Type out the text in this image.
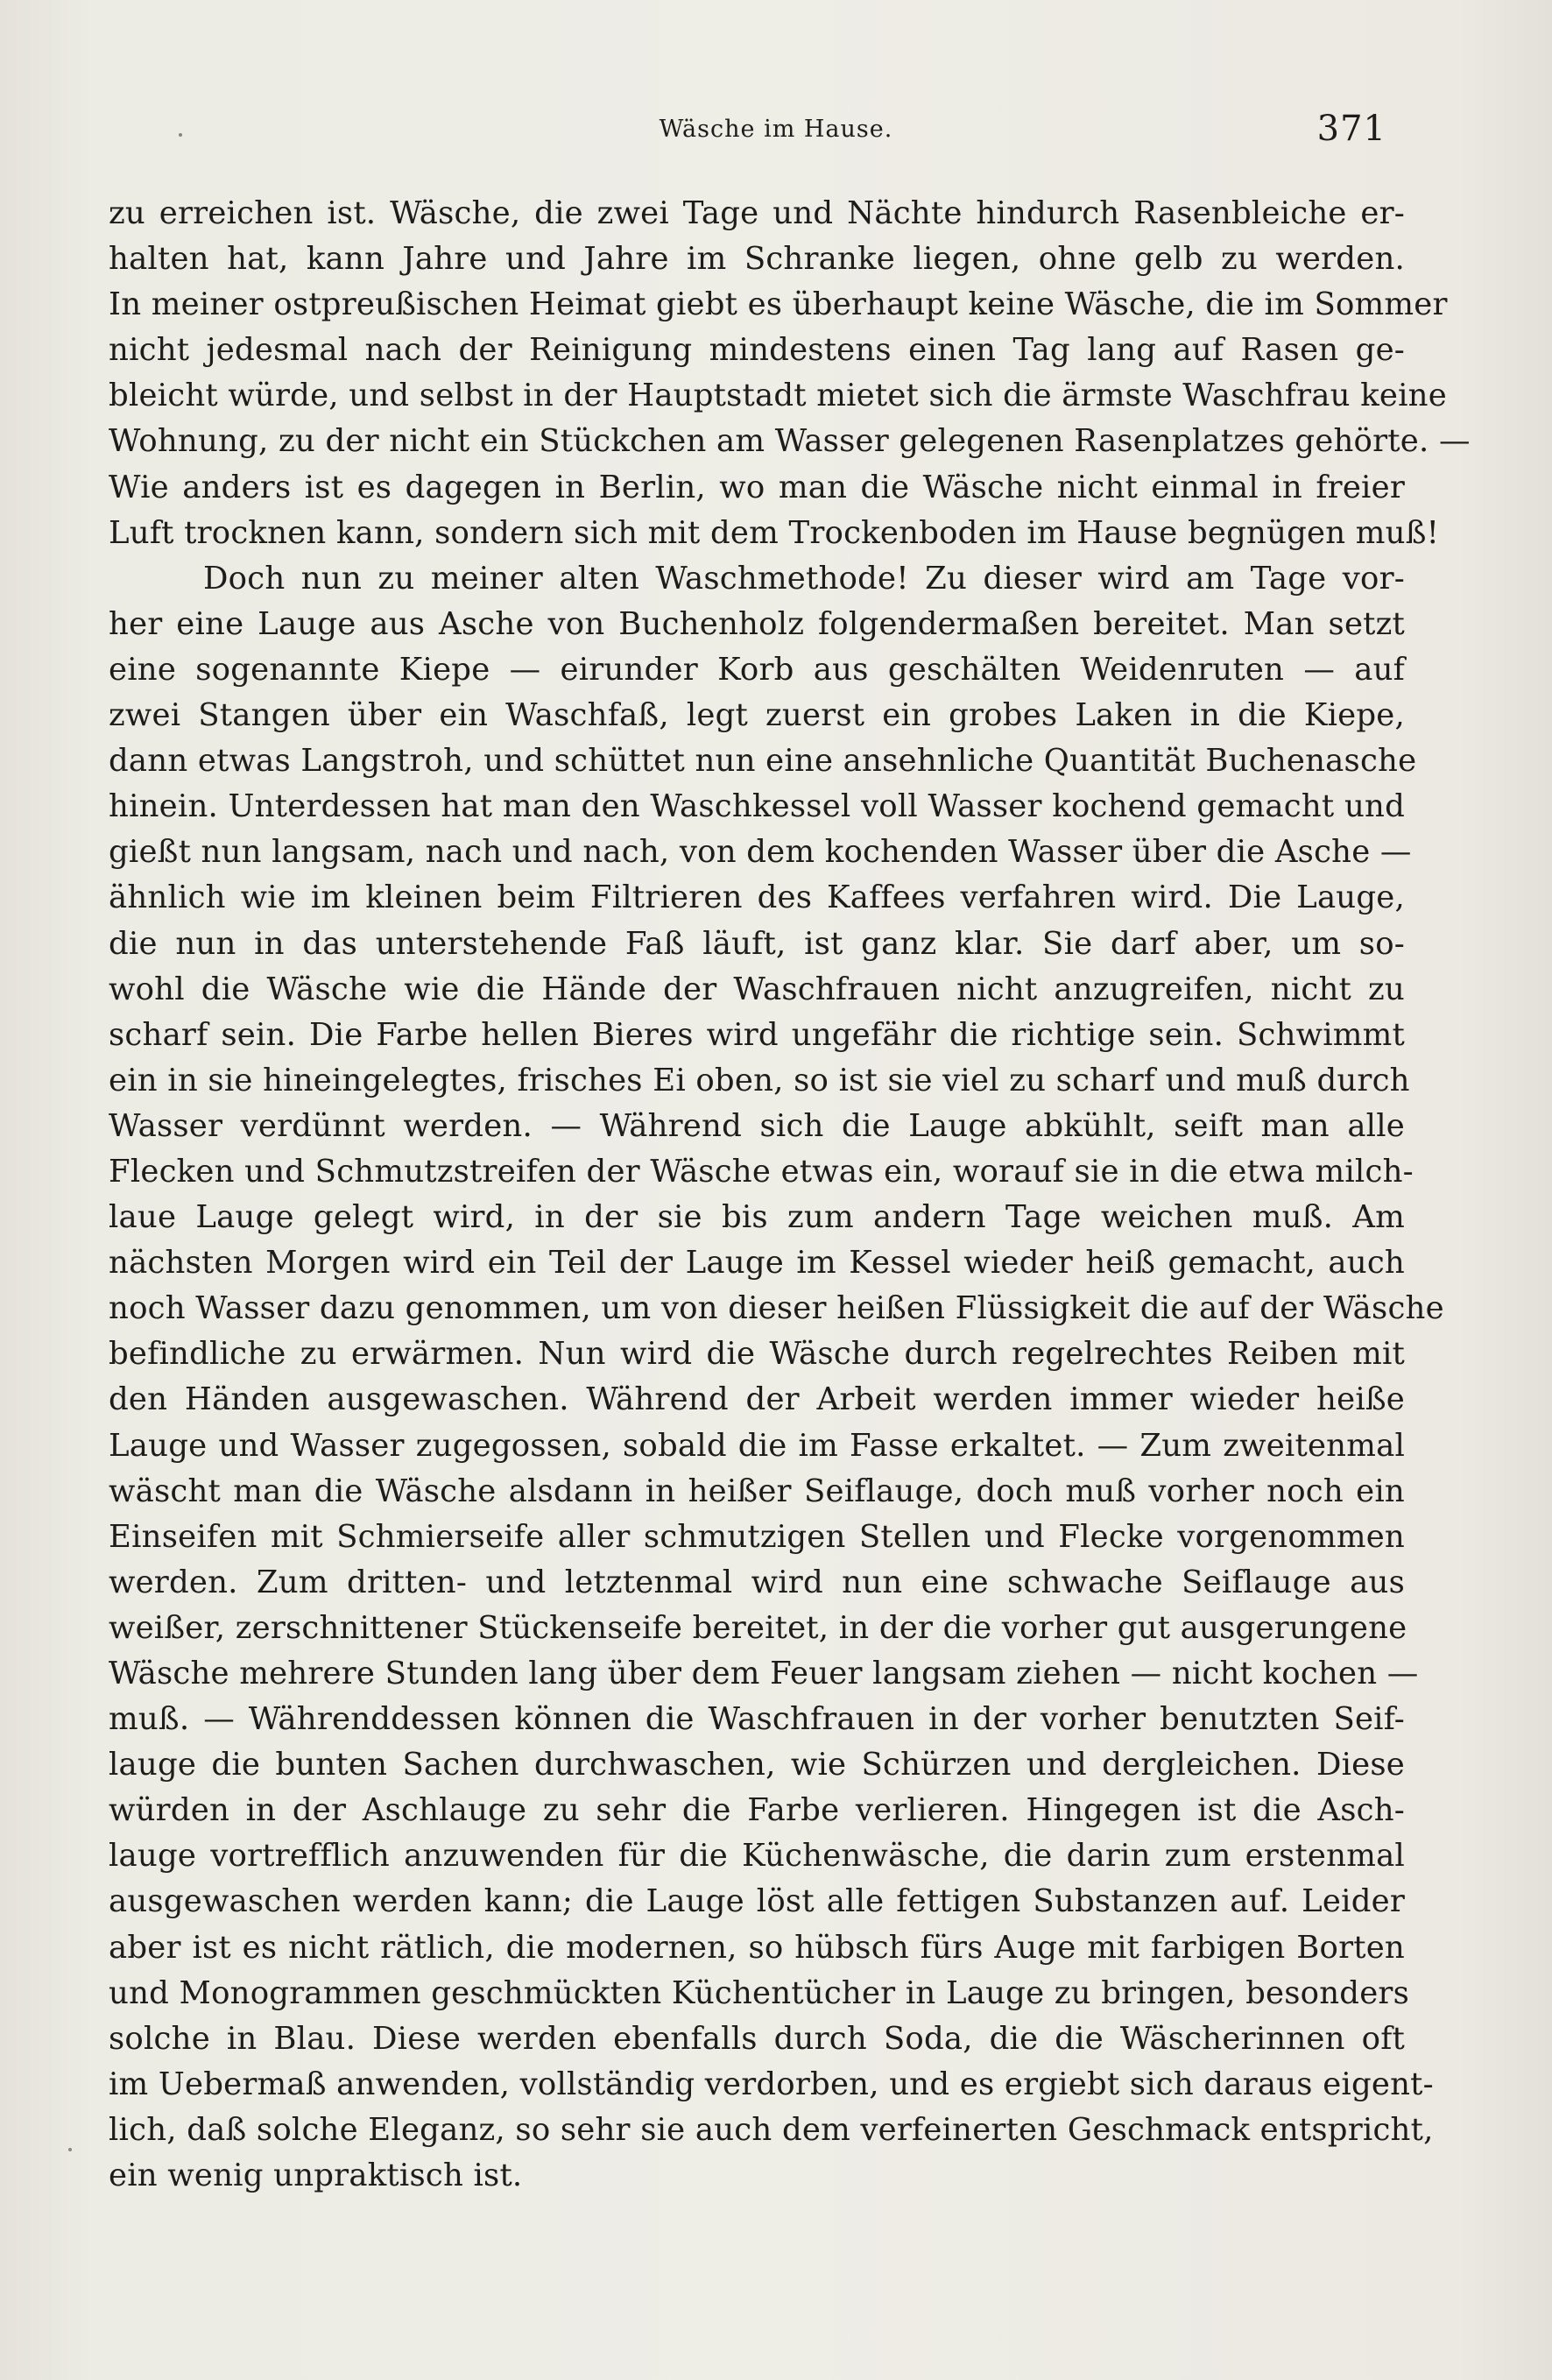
Wäsche im Hause.	371
zu erreichen ist. Wäsche, die zwei Tage und Nächte hindurch Rasenbleiche er-
halten hat, kann Jahre und Jahre im Schranke liegen, ohne gelb zu werden.
In meiner ostpreußischen Heimat giebt es überhaupt keine Wäsche, die im Sommer
nicht jedesmal nach der Reinigung mindestens einen Tag lang auf Rasen ge-
bleicht würde, und selbst in der Hauptstadt mietet sich die ärmste Waschfrau keine
Wohnung, zu der nicht ein Stückchen am Wasser gelegenen Rasenplatzes gehörte. —
Wie anders ist es dagegen in Berlin, wo man die Wäsche nicht einmal in freier
Luft trocknen kann, sondern sich mit dem Trockenboden im Hause begnügen muß!
Doch nun zu meiner alten Waschmethode! Zu dieser wird am Tage vor-
her eine Lauge aus Asche von Buchenholz folgendermaßen bereitet. Man setzt
eine sogenannte Kiepe — eirunder Korb aus geschälten Weidenruten — auf
zwei Stangen über ein Waschfaß, legt zuerst ein grobes Laken in die Kiepe,
dann etwas Langstroh, und schüttet nun eine ansehnliche Quantität Buchenasche
hinein. Unterdessen hat man den Waschkessel voll Wasser kochend gemacht und
gießt nun langsam, nach und nach, von dem kochenden Wasser über die Asche —
ähnlich wie im kleinen beim Filtrieren des Kaffees verfahren wird. Die Lauge,
die nun in das unterstehende Faß läuft, ist ganz klar. Sie darf aber, um so-
wohl die Wäsche wie die Hände der Waschfrauen nicht anzugreifen, nicht zu
scharf sein. Die Farbe hellen Bieres wird ungefähr die richtige sein. Schwimmt
ein in sie hineingelegtes, frisches Ei oben, so ist sie viel zu scharf und muß durch
Wasser verdünnt werden. — Während sich die Lauge abkühlt, seift man alle
Flecken und Schmutzstreifen der Wäsche etwas ein, worauf sie in die etwa milch-
laue Lauge gelegt wird, in der sie bis zum andern Tage weichen muß. Am
nächsten Morgen wird ein Teil der Lauge im Kessel wieder heiß gemacht, auch
noch Wasser dazu genommen, um von dieser heißen Flüssigkeit die auf der Wäsche
befindliche zu erwärmen. Nun wird die Wäsche durch regelrechtes Reiben mit
den Händen ausgewaschen. Während der Arbeit werden immer wieder heiße
Lauge und Wasser zugegossen, sobald die im Fasse erkaltet. — Zum zweitenmal
wäscht man die Wäsche alsdann in heißer Seiflauge, doch muß vorher noch ein
Einseifen mit Schmierseife aller schmutzigen Stellen und Flecke vorgenommen
werden. Zum dritten- und letztenmal wird nun eine schwache Seiflauge aus
weißer, zerschnittener Stückenseife bereitet, in der die vorher gut ausgerungene
Wäsche mehrere Stunden lang über dem Feuer langsam ziehen — nicht kochen —
muß. — Währenddessen können die Waschfrauen in der vorher benutzten Seif-
lauge die bunten Sachen durchwaschen, wie Schürzen und dergleichen. Diese
würden in der Aschlauge zu sehr die Farbe verlieren. Hingegen ist die Asch-
lauge vortrefflich anzuwenden für die Küchenwäsche, die darin zum erstenmal
ausgewaschen werden kann; die Lauge löst alle fettigen Substanzen auf. Leider
aber ist es nicht rätlich, die modernen, so hübsch fürs Auge mit farbigen Borten
und Monogrammen geschmückten Küchentücher in Lauge zu bringen, besonders
solche in Blau. Diese werden ebenfalls durch Soda, die die Wäscherinnen oft
im Uebermaß anwenden, vollständig verdorben, und es ergiebt sich daraus eigent-
lich, daß solche Eleganz, so sehr sie auch dem verfeinerten Geschmack entspricht,
ein wenig unpraktisch ist.
